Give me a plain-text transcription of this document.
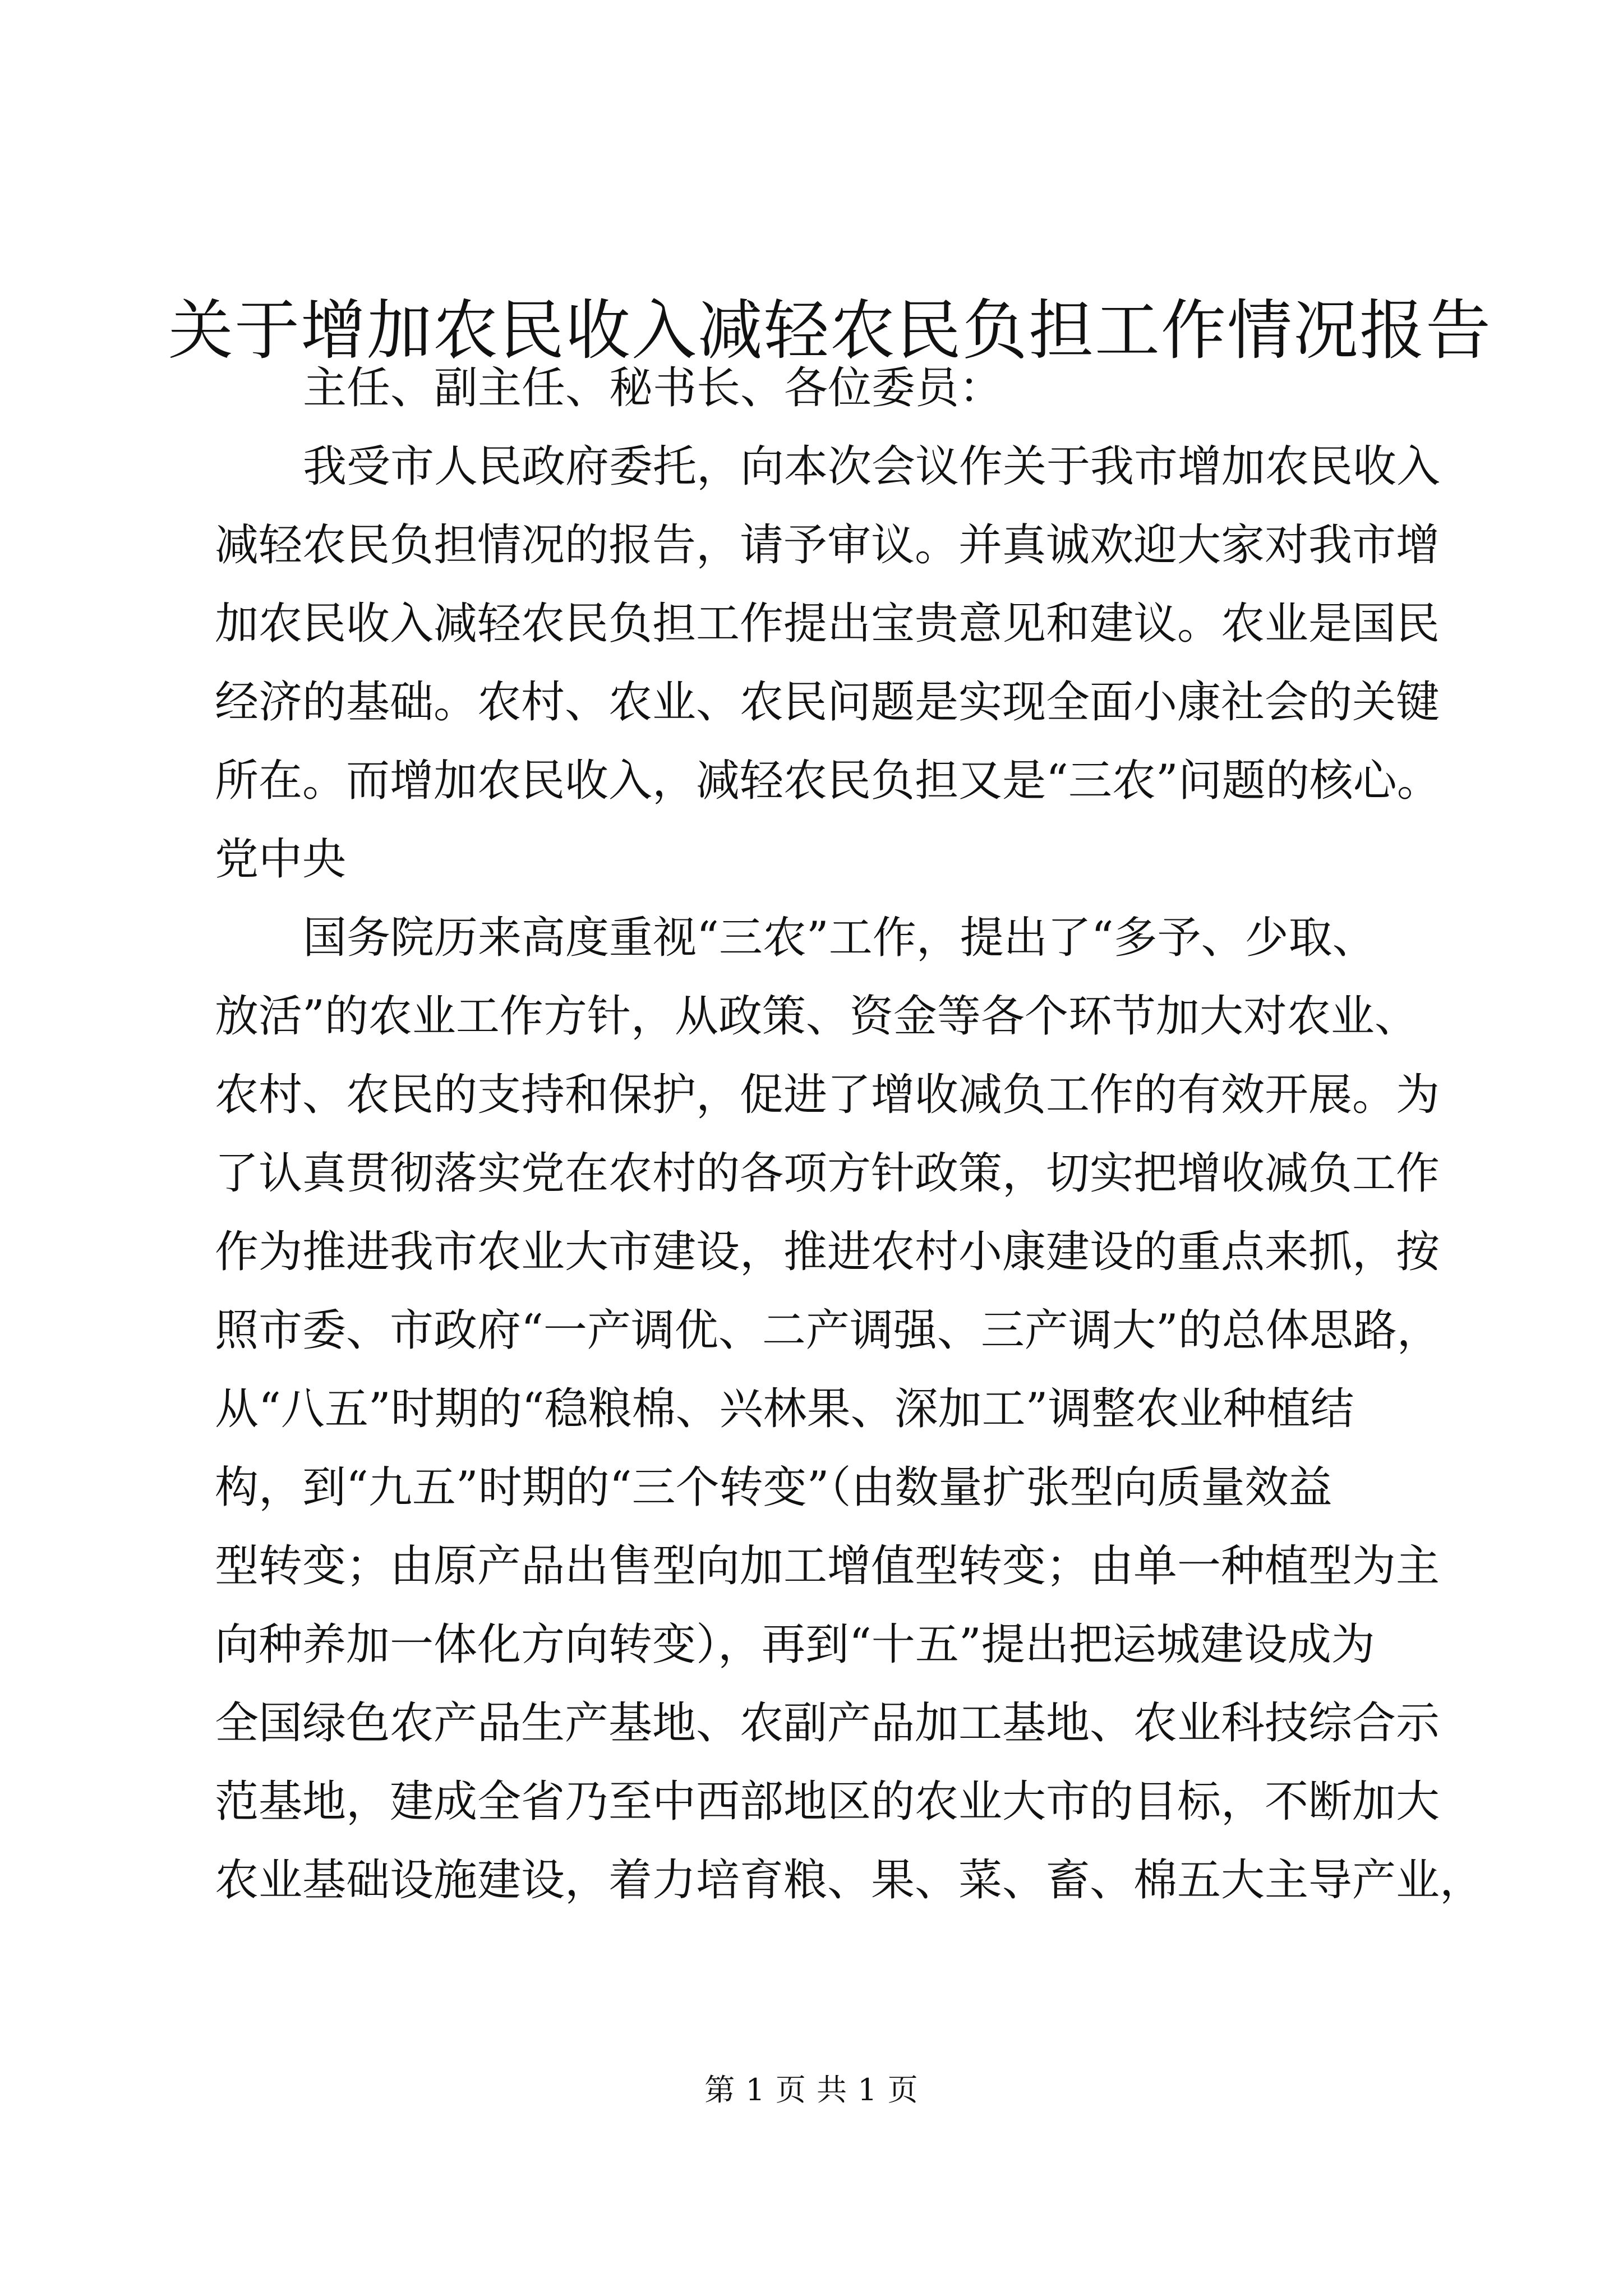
关于增加农民收入减轻农民负担工作情况报告
主任、副主任、秘书长、各位委员：
我受市人民政府委托，向本次会议作关于我市增加农民收入
减轻农民负担情况的报告，请予审议。并真诚欢迎大家对我市增
加农民收入减轻农民负担工作提出宝贵意见和建议。农业是国民
经济的基础。农村、农业、农民问题是实现全面小康社会的关键
所在。而增加农民收入，减轻农民负担又是“三农”问题的核心。
党中央
国务院历来高度重视“三农”工作，提出了“多予、少取、
放活”的农业工作方针，从政策、资金等各个环节加大对农业、
农村、农民的支持和保护，促进了增收减负工作的有效开展。为
了认真贯彻落实党在农村的各项方针政策，切实把增收减负工作
作为推进我市农业大市建设，推进农村小康建设的重点来抓，按
照市委、市政府“一产调优、二产调强、三产调大”的总体思路，
从“八五”时期的“稳粮棉、兴林果、深加工”调整农业种植结
构，到“九五”时期的“三个转变”（由数量扩张型向质量效益
型转变；由原产品出售型向加工增值型转变；由单一种植型为主
向种养加一体化方向转变），再到“十五”提出把运城建设成为
全国绿色农产品生产基地、农副产品加工基地、农业科技综合示
范基地，建成全省乃至中西部地区的农业大市的目标，不断加大
农业基础设施建设，着力培育粮、果、菜、畜、棉五大主导产业，
第 1 页 共 1 页
